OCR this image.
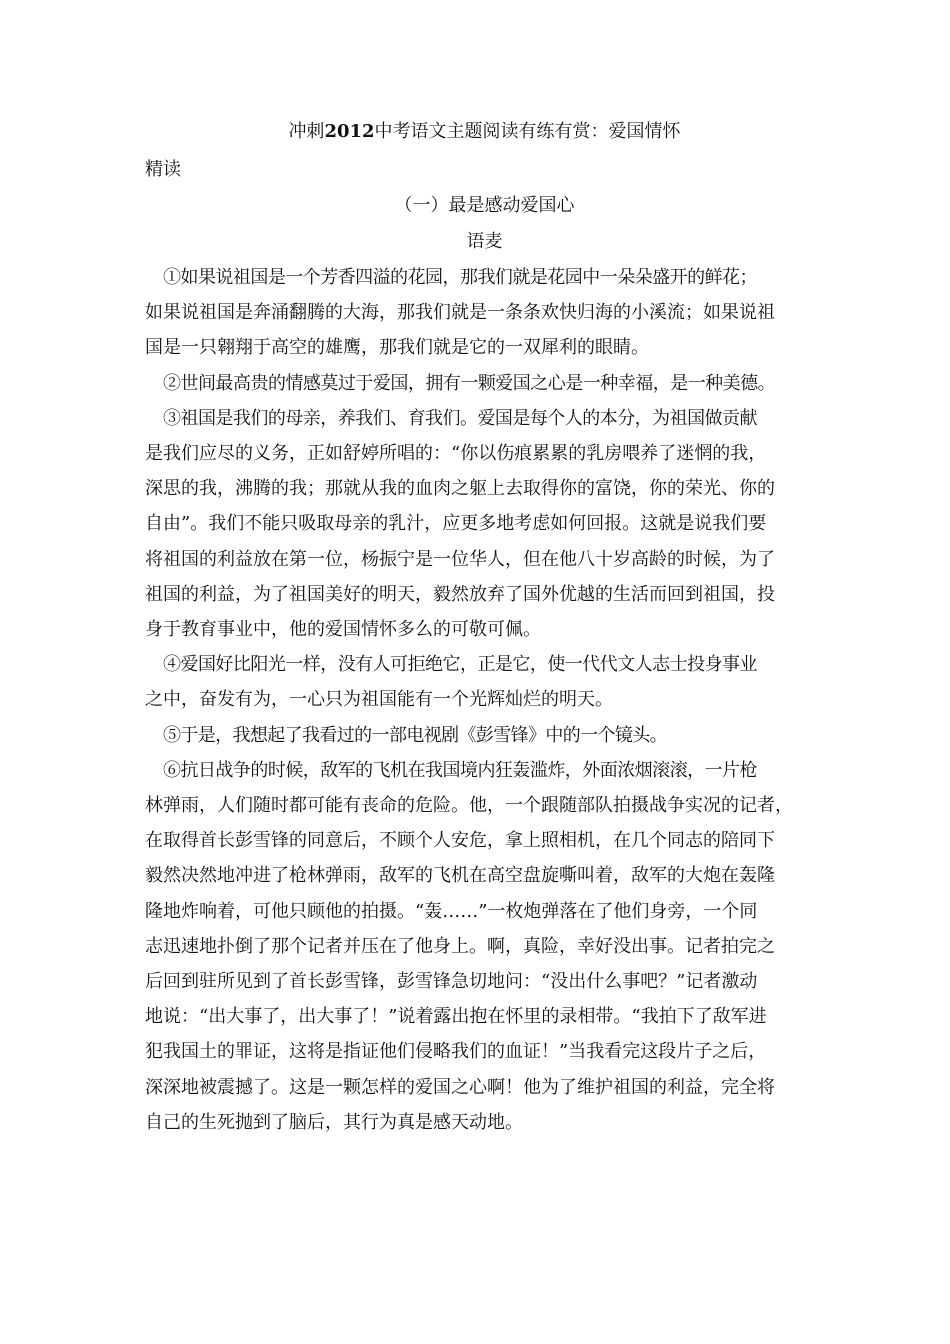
冲刺2012中考语文主题阅读有练有赏：爱国情怀
精读
（一）最是感动爱国心
语麦

①如果说祖国是一个芳香四溢的花园，那我们就是花园中一朵朵盛开的鲜花；
如果说祖国是奔涌翻腾的大海，那我们就是一条条欢快归海的小溪流；如果说祖
国是一只翱翔于高空的雄鹰，那我们就是它的一双犀利的眼睛。

②世间最高贵的情感莫过于爱国，拥有一颗爱国之心是一种幸福，是一种美德。

③祖国是我们的母亲，养我们、育我们。爱国是每个人的本分，为祖国做贡献
是我们应尽的义务，正如舒婷所唱的：“你以伤痕累累的乳房喂养了迷惘的我，
深思的我，沸腾的我；那就从我的血肉之躯上去取得你的富饶，你的荣光、你的
自由”。我们不能只吸取母亲的乳汁，应更多地考虑如何回报。这就是说我们要
将祖国的利益放在第一位，杨振宁是一位华人，但在他八十岁高龄的时候，为了
祖国的利益，为了祖国美好的明天，毅然放弃了国外优越的生活而回到祖国，投
身于教育事业中，他的爱国情怀多么的可敬可佩。

④爱国好比阳光一样，没有人可拒绝它，正是它，使一代代文人志士投身事业
之中，奋发有为，一心只为祖国能有一个光辉灿烂的明天。

⑤于是，我想起了我看过的一部电视剧《彭雪锋》中的一个镜头。

⑥抗日战争的时候，敌军的飞机在我国境内狂轰滥炸，外面浓烟滚滚，一片枪
林弹雨，人们随时都可能有丧命的危险。他，一个跟随部队拍摄战争实况的记者，
在取得首长彭雪锋的同意后，不顾个人安危，拿上照相机，在几个同志的陪同下
毅然决然地冲进了枪林弹雨，敌军的飞机在高空盘旋嘶叫着，敌军的大炮在轰隆
隆地炸响着，可他只顾他的拍摄。“轰……”一枚炮弹落在了他们身旁，一个同
志迅速地扑倒了那个记者并压在了他身上。啊，真险，幸好没出事。记者拍完之
后回到驻所见到了首长彭雪锋，彭雪锋急切地问：“没出什么事吧？”记者激动
地说：“出大事了，出大事了！”说着露出抱在怀里的录相带。“我拍下了敌军进
犯我国土的罪证，这将是指证他们侵略我们的血证！”当我看完这段片子之后，
深深地被震撼了。这是一颗怎样的爱国之心啊！他为了维护祖国的利益，完全将
自己的生死抛到了脑后，其行为真是感天动地。
